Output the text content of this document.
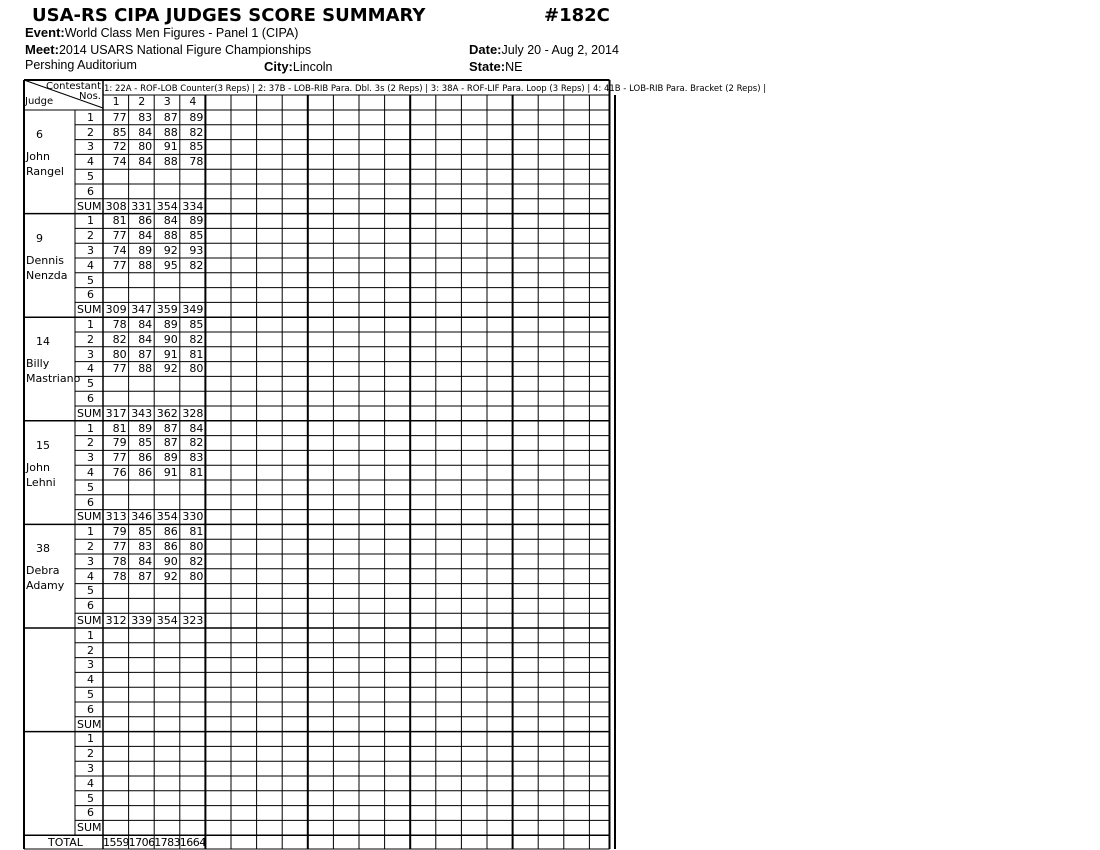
USA-RS CIPA JUDGES SCORE SUMMARY	#182C
Event:World Class Men Figures - Panel 1 (CIPA)
Meet:2014 USARS National Figure Championships	Date:July 20 - Aug 2, 2014
Pershing Auditorium	City:Lincoln	State:NE
Contestant
Nos.
Judge
1: 22A - ROF-LOB Counter(3 Reps) | 2: 37B - LOB-RIB Para. Dbl. 3s (2 Reps) | 3: 38A - ROF-LIF Para. Loop (3 Reps) | 4: 41B - LOB-RIB Para. Bracket (2 Reps) |
1	2	3	4
6
John
Rangel
1	77	83	87	89
2	85	84	88	82
3	72	80	91	85
4	74	84	88	78
5
6
SUM 308 331 354 334
9
Dennis
Nenzda
1	81	86	84	89
2	77	84	88	85
3	74	89	92	93
4	77	88	95	82
5
6
SUM 309 347 359 349
14
Billy
Mastriano
1	78	84	89	85
2	82	84	90	82
3	80	87	91	81
4	77	88	92	80
5
6
SUM 317 343 362 328
15
John
Lehni
1	81	89	87	84
2	79	85	87	82
3	77	86	89	83
4	76	86	91	81
5
6
SUM 313 346 354 330
38
Debra
Adamy
1	79	85	86	81
2	77	83	86	80
3	78	84	90	82
4	78	87	92	80
5
6
SUM 312 339 354 323
1
2
3
4
5
6
SUM
1
2
3
4
5
6
SUM
TOTAL 1559 1706 1783 1664
